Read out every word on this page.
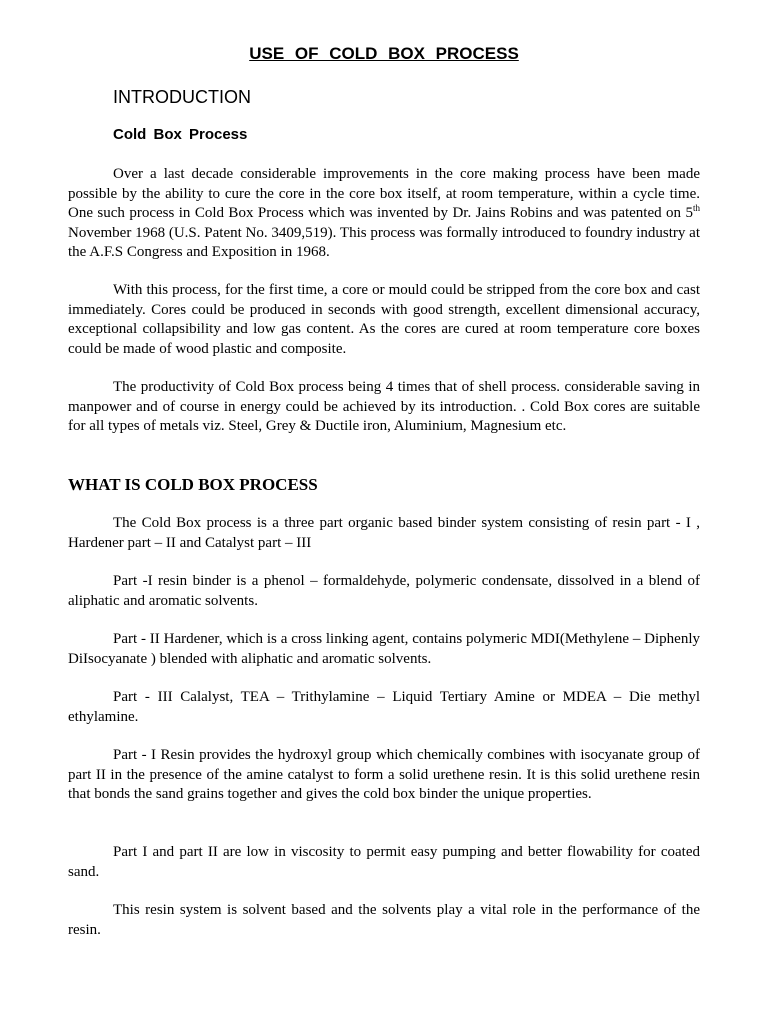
USE OF COLD BOX PROCESS
INTRODUCTION
Cold Box Process

Over a last decade considerable improvements in the core making process have been made possible by the ability to cure the core in the core box itself, at room temperature, within a cycle time. One such process in Cold Box Process which was invented by Dr. Jains Robins and was patented on 5th November 1968 (U.S. Patent No. 3409,519). This process was formally introduced to foundry industry at the A.F.S Congress and Exposition in 1968.

With this process, for the first time, a core or mould could be stripped from the core box and cast immediately. Cores could be produced in seconds with good strength, excellent dimensional accuracy, exceptional collapsibility and low gas content. As the cores are cured at room temperature core boxes could be made of wood plastic and composite.

The productivity of Cold Box process being 4 times that of shell process. considerable saving in manpower and of course in energy could be achieved by its introduction. . Cold Box cores are suitable for all types of metals viz. Steel, Grey & Ductile iron, Aluminium, Magnesium etc.

WHAT IS COLD BOX PROCESS

The Cold Box process is a three part organic based binder system consisting of resin part - I , Hardener part – II and Catalyst part – III

Part -I resin binder is a phenol – formaldehyde, polymeric condensate, dissolved in a blend of aliphatic and aromatic solvents.

Part - II Hardener, which is a cross linking agent, contains polymeric MDI(Methylene – Diphenly DiIsocyanate ) blended with aliphatic and aromatic solvents.

Part - III Calalyst, TEA – Trithylamine – Liquid Tertiary Amine or MDEA – Die methyl ethylamine.

Part - I Resin provides the hydroxyl group which chemically combines with isocyanate group of part II in the presence of the amine catalyst to form a solid urethene resin. It is this solid urethene resin that bonds the sand grains together and gives the cold box binder the unique properties.

Part I and part II are low in viscosity to permit easy pumping and better flowability for coated sand.

This resin system is solvent based and the solvents play a vital role in the performance of the resin.
